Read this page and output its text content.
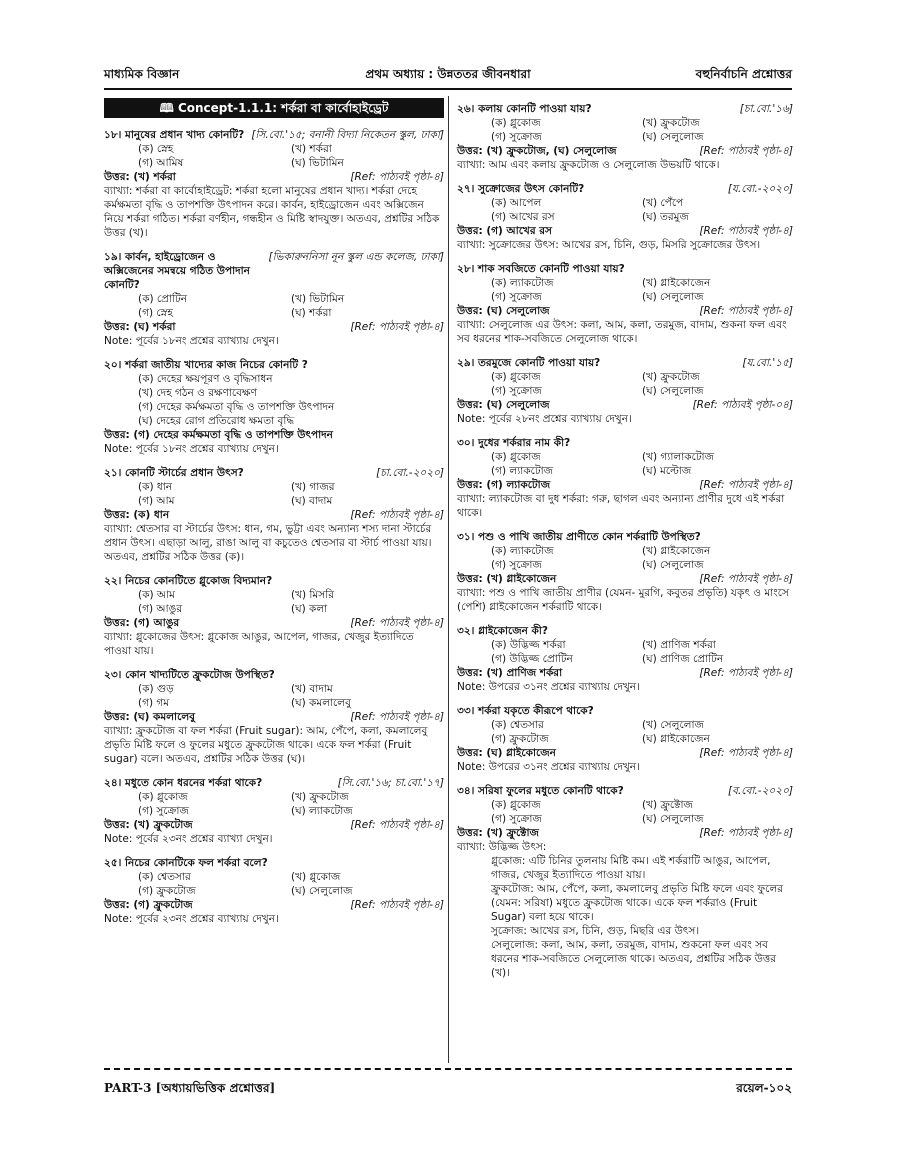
মাধ্যমিক বিজ্ঞান	প্রথম অধ্যায় : উন্নততর জীবনধারা	বহুনির্বাচনি প্রশ্নোত্তর
🕮 Concept-1.1.1: শর্করা বা কার্বোহাইড্রেট
১৮। মানুষের প্রধান খাদ্য কোনটি? [সি.বো.'১৫; বনানী বিদ্যা নিকেতন স্কুল, ঢাকা]
(ক) স্নেহ	(খ) শর্করা
(গ) আমিষ	(ঘ) ভিটামিন
উত্তর: (খ) শর্করা	[Ref: পাঠ্যবই পৃষ্ঠা-৪]
ব্যাখ্যা: শর্করা বা কার্বোহাইড্রেট: শর্করা হলো মানুষের প্রধান খাদ্য। শর্করা দেহে কর্মক্ষমতা বৃদ্ধি ও তাপশক্তি উৎপাদন করে। কার্বন, হাইড্রোজেন এবং অক্সিজেন নিয়ে শর্করা গঠিত। শর্করা বর্ণহীন, গন্ধহীন ও মিষ্টি স্বাদযুক্ত। অতএব, প্রশ্নটির সঠিক উত্তর (খ)।
১৯। কার্বন, হাইড্রোজেন ও অক্সিজেনের সমন্বয়ে গঠিত উপাদান কোনটি?
[ভিকারুননিসা নূন স্কুল এন্ড কলেজ, ঢাকা]
(ক) প্রোটিন	(খ) ভিটামিন
(গ) স্নেহ	(ঘ) শর্করা
উত্তর: (ঘ) শর্করা	[Ref: পাঠ্যবই পৃষ্ঠা-৪]
Note: পূর্বের ১৮নং প্রশ্নের ব্যাখ্যায় দেখুন।
২০। শর্করা জাতীয় খাদ্যের কাজ নিচের কোনটি ?
(ক) দেহের ক্ষয়পূরণ ও বৃদ্ধিসাধন
(খ) দেহ গঠন ও রক্ষণাবেক্ষণ
(গ) দেহের কর্মক্ষমতা বৃদ্ধি ও তাপশক্তি উৎপাদন
(ঘ) দেহের রোগ প্রতিরোধ ক্ষমতা বৃদ্ধি
উত্তর: (গ) দেহের কর্মক্ষমতা বৃদ্ধি ও তাপশক্তি উৎপাদন
Note: পূর্বের ১৮নং প্রশ্নের ব্যাখ্যায় দেখুন।
২১। কোনটি স্টার্চের প্রধান উৎস?	[চা.বো.-২০২০]
(ক) ধান	(খ) গাজর
(গ) আম	(ঘ) বাদাম
উত্তর: (ক) ধান	[Ref: পাঠ্যবই পৃষ্ঠা-৪]
ব্যাখ্যা: শ্বেতসার বা স্টার্চের উৎস: ধান, গম, ভুট্টা এবং অন্যান্য শস্য দানা স্টার্চের প্রধান উৎস। এছাড়া আলু, রাঙা আলু বা কচুতেও শ্বেতসার বা স্টার্চ পাওয়া যায়। অতএব, প্রশ্নটির সঠিক উত্তর (ক)।
২২। নিচের কোনটিতে গ্লুকোজ বিদ্যমান?
(ক) আম	(খ) মিসরি
(গ) আঙুর	(ঘ) কলা
উত্তর: (গ) আঙুর	[Ref: পাঠ্যবই পৃষ্ঠা-৪]
ব্যাখ্যা: গ্লুকোজের উৎস: গ্লুকোজ আঙুর, আপেল, গাজর, খেজুর ইত্যাদিতে পাওয়া যায়।
২৩। কোন খাদ্যটিতে ফ্রুকটোজ উপস্থিত?
(ক) গুড়	(খ) বাদাম
(গ) গম	(ঘ) কমলালেবু
উত্তর: (ঘ) কমলালেবু	[Ref: পাঠ্যবই পৃষ্ঠা-৪]
ব্যাখ্যা: ফ্রুকটোজ বা ফল শর্করা (Fruit sugar): আম, পেঁপে, কলা, কমলালেবু প্রভৃতি মিষ্টি ফলে ও ফুলের মধুতে ফ্রুকটোজ থাকে। একে ফল শর্করা (Fruit sugar) বলে। অতএব, প্রশ্নটির সঠিক উত্তর (ঘ)।
২৪। মধুতে কোন ধরনের শর্করা থাকে?	[সি.বো.'১৬; চা.বো.'১৭]
(ক) গ্লুকোজ	(খ) ফ্রুকটোজ
(গ) সুক্রোজ	(ঘ) ল্যাকটোজ
উত্তর: (খ) ফ্রুকটোজ	[Ref: পাঠ্যবই পৃষ্ঠা-৪]
Note: পূর্বের ২৩নং প্রশ্নের ব্যাখ্যা দেখুন।
২৫। নিচের কোনটিকে ফল শর্করা বলে?
(ক) শ্বেতসার	(খ) গ্লুকোজ
(গ) ফ্রুকটোজ	(ঘ) সেলুলোজ
উত্তর: (গ) ফ্রুকটোজ	[Ref: পাঠ্যবই পৃষ্ঠা-৪]
Note: পূর্বের ২৩নং প্রশ্নের ব্যাখ্যায় দেখুন।
২৬। কলায় কোনটি পাওয়া যায়?	[চা.বো.'১৬]
(ক) গ্লুকোজ	(খ) ফ্রুকটোজ
(গ) সুক্রোজ	(ঘ) সেলুলোজ
উত্তর: (খ) ফ্রুকটোজ, (ঘ) সেলুলোজ	[Ref: পাঠ্যবই পৃষ্ঠা-৪]
ব্যাখ্যা: আম এবং কলায় ফ্রুকটোজ ও সেলুলোজ উভয়টি থাকে।
২৭। সুক্রোজের উৎস কোনটি?	[য.বো.-২০২০]
(ক) আপেল	(খ) পেঁপে
(গ) আখের রস	(ঘ) তরমুজ
উত্তর: (গ) আখের রস	[Ref: পাঠ্যবই পৃষ্ঠা-৪]
ব্যাখ্যা: সুক্রোজের উৎস: আখের রস, চিনি, গুড়, মিসরি সুক্রোজের উৎস।
২৮। শাক সবজিতে কোনটি পাওয়া যায়?
(ক) ল্যাকটোজ	(খ) গ্লাইকোজেন
(গ) সুক্রোজ	(ঘ) সেলুলোজ
উত্তর: (ঘ) সেলুলোজ	[Ref: পাঠ্যবই পৃষ্ঠা-৪]
ব্যাখ্যা: সেলুলোজ এর উৎস: কলা, আম, কলা, তরমুজ, বাদাম, শুকনা ফল এবং সব ধরনের শাক-সবজিতে সেলুলোজ থাকে।
২৯। তরমুজে কোনটি পাওয়া যায়?	[য.বো.'১৫]
(ক) গ্লুকোজ	(খ) ফ্রুকটোজ
(গ) সুক্রোজ	(ঘ) সেলুলোজ
উত্তর: (ঘ) সেলুলোজ	[Ref: পাঠ্যবই পৃষ্ঠা-০৪]
Note: পূর্বের ২৮নং প্রশ্নের ব্যাখ্যায় দেখুন।
৩০। দুধের শর্করার নাম কী?
(ক) গ্লুকোজ	(খ) গ্যালাকটোজ
(গ) ল্যাকটোজ	(ঘ) মল্টোজ
উত্তর: (গ) ল্যাকটোজ	[Ref: পাঠ্যবই পৃষ্ঠা-৪]
ব্যাখ্যা: ল্যাকটোজ বা দুধ শর্করা: গরু, ছাগল এবং অন্যান্য প্রাণীর দুধে এই শর্করা থাকে।
৩১। পশু ও পাখি জাতীয় প্রাণীতে কোন শর্করাটি উপস্থিত?
(ক) ল্যাকটোজ	(খ) গ্লাইকোজেন
(গ) সুক্রোজ	(ঘ) সেলুলোজ
উত্তর: (খ) গ্লাইকোজেন	[Ref: পাঠ্যবই পৃষ্ঠা-৪]
ব্যাখ্যা: পশু ও পাখি জাতীয় প্রাণীর (যেমন- মুরগি, কবুতর প্রভৃতি) যকৃৎ ও মাংসে (পেশি) গ্লাইকোজেন শর্করাটি থাকে।
৩২। গ্লাইকোজেন কী?
(ক) উদ্ভিজ্জ শর্করা	(খ) প্রাণিজ শর্করা
(গ) উদ্ভিজ্জ প্রোটিন	(ঘ) প্রাণিজ প্রোটিন
উত্তর: (খ) প্রাণিজ শর্করা	[Ref: পাঠ্যবই পৃষ্ঠা-৪]
Note: উপরের ৩১নং প্রশ্নের ব্যাখ্যায় দেখুন।
৩৩। শর্করা যকৃতে কীরূপে থাকে?
(ক) শ্বেতসার	(খ) সেলুলোজ
(গ) ফ্রুকটোজ	(ঘ) গ্লাইকোজেন
উত্তর: (ঘ) গ্লাইকোজেন	[Ref: পাঠ্যবই পৃষ্ঠা-৪]
Note: উপরের ৩১নং প্রশ্নের ব্যাখ্যায় দেখুন।
৩৪। সরিষা ফুলের মধুতে কোনটি থাকে?	[ব.বো.-২০২০]
(ক) গ্লুকোজ	(খ) ফ্রুক্টোজ
(গ) সুক্রোজ	(ঘ) সেলুলোজ
উত্তর: (খ) ফ্রুক্টোজ	[Ref: পাঠ্যবই পৃষ্ঠা-৪]
ব্যাখ্যা: উদ্ভিজ্জ উৎস:
গ্লুকোজ: এটি চিনির তুলনায় মিষ্টি কম। এই শর্করাটি আঙুর, আপেল, গাজর, খেজুর ইত্যাদিতে পাওয়া যায়।
ফ্রুকটোজ: আম, পেঁপে, কলা, কমলালেবু প্রভৃতি মিষ্টি ফলে এবং ফুলের (যেমন: সরিষা) মধুতে ফ্রুকটোজ থাকে। একে ফল শর্করাও (Fruit Sugar) বলা হয়ে থাকে।
সুক্রোজ: আখের রস, চিনি, গুড়, মিছরি এর উৎস।
সেলুলোজ: কলা, আম, কলা, তরমুজ, বাদাম, শুকনো ফল এবং সব ধরনের শাক-সবজিতে সেলুলোজ থাকে। অতএব, প্রশ্নটির সঠিক উত্তর (খ)।
PART-3 [অধ্যায়ভিত্তিক প্রশ্নোত্তর]	রয়েল-১০২
